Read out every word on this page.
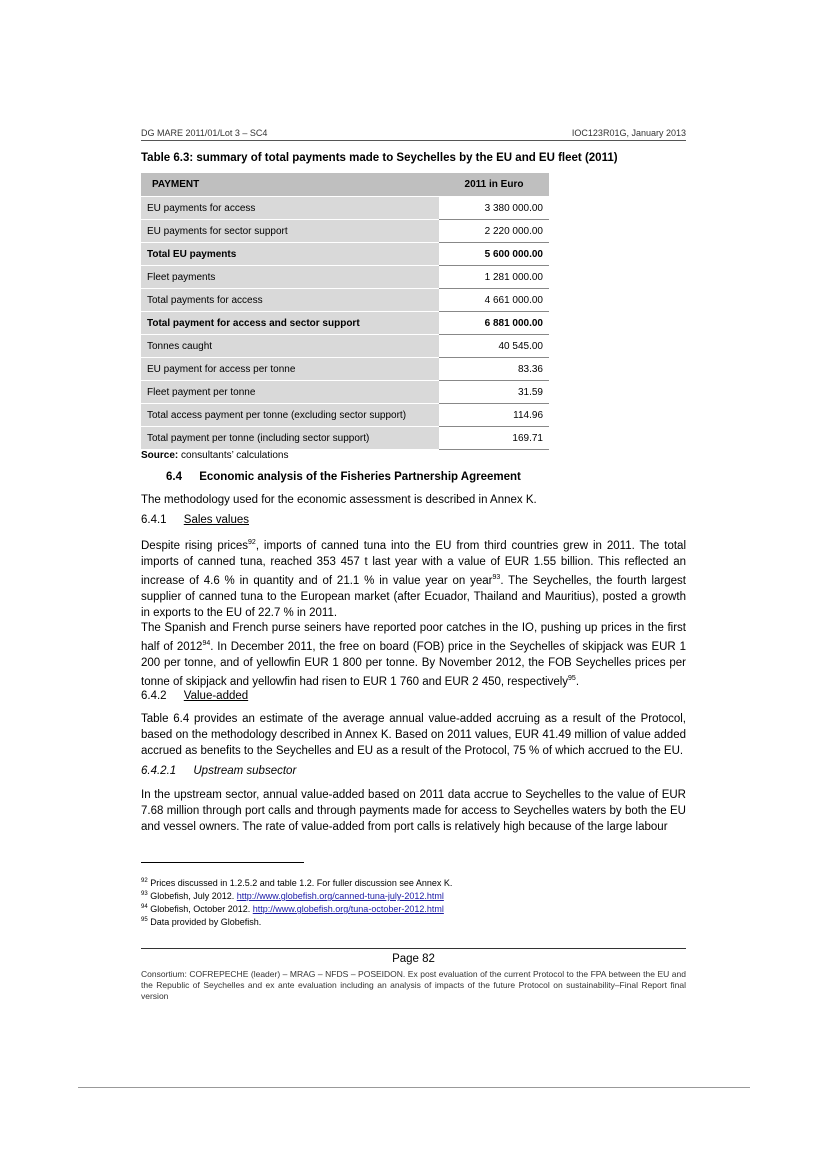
DG MARE 2011/01/Lot 3 – SC4	IOC123R01G, January 2013
Table 6.3: summary of total payments made to Seychelles by the EU and EU fleet (2011)
PAYMENT	2011 in Euro
EU payments for access	3 380 000.00
EU payments for sector support	2 220 000.00
Total EU payments	5 600 000.00
Fleet payments	1 281 000.00
Total payments for access	4 661 000.00
Total payment for access and sector support	6 881 000.00
Tonnes caught	40 545.00
EU payment for access per tonne	83.36
Fleet payment per tonne	31.59
Total access payment per tonne (excluding sector support)	114.96
Total payment per tonne (including sector support)	169.71
Source: consultants’ calculations
6.4 Economic analysis of the Fisheries Partnership Agreement
The methodology used for the economic assessment is described in Annex K.
6.4.1 Sales values
Despite rising prices$^{92}$, imports of canned tuna into the EU from third countries grew in 2011. The total imports of canned tuna, reached 353 457 t last year with a value of EUR 1.55 billion. This reflected an increase of 4.6 % in quantity and of 21.1 % in value year on year$^{93}$. The Seychelles, the fourth largest supplier of canned tuna to the European market (after Ecuador, Thailand and Mauritius), posted a growth in exports to the EU of 22.7 % in 2011.
The Spanish and French purse seiners have reported poor catches in the IO, pushing up prices in the first half of 2012$^{94}$. In December 2011, the free on board (FOB) price in the Seychelles of skipjack was EUR 1 200 per tonne, and of yellowfin EUR 1 800 per tonne. By November 2012, the FOB Seychelles prices per tonne of skipjack and yellowfin had risen to EUR 1 760 and EUR 2 450, respectively$^{95}$.
6.4.2 Value-added
Table 6.4 provides an estimate of the average annual value-added accruing as a result of the Protocol, based on the methodology described in Annex K. Based on 2011 values, EUR 41.49 million of value added accrued as benefits to the Seychelles and EU as a result of the Protocol, 75 % of which accrued to the EU.
6.4.2.1 Upstream subsector
In the upstream sector, annual value-added based on 2011 data accrue to Seychelles to the value of EUR 7.68 million through port calls and through payments made for access to Seychelles waters by both the EU and vessel owners. The rate of value-added from port calls is relatively high because of the large labour
$^{92}$ Prices discussed in 1.2.5.2 and table 1.2. For fuller discussion see Annex K.
$^{93}$ Globefish, July 2012. http://www.globefish.org/canned-tuna-july-2012.html
$^{94}$ Globefish, October 2012. http://www.globefish.org/tuna-october-2012.html
$^{95}$ Data provided by Globefish.
Page 82
Consortium: COFREPECHE (leader) – MRAG – NFDS – POSEIDON. Ex post evaluation of the current Protocol to the FPA between the EU and the Republic of Seychelles and ex ante evaluation including an analysis of impacts of the future Protocol on sustainability–Final Report final version
